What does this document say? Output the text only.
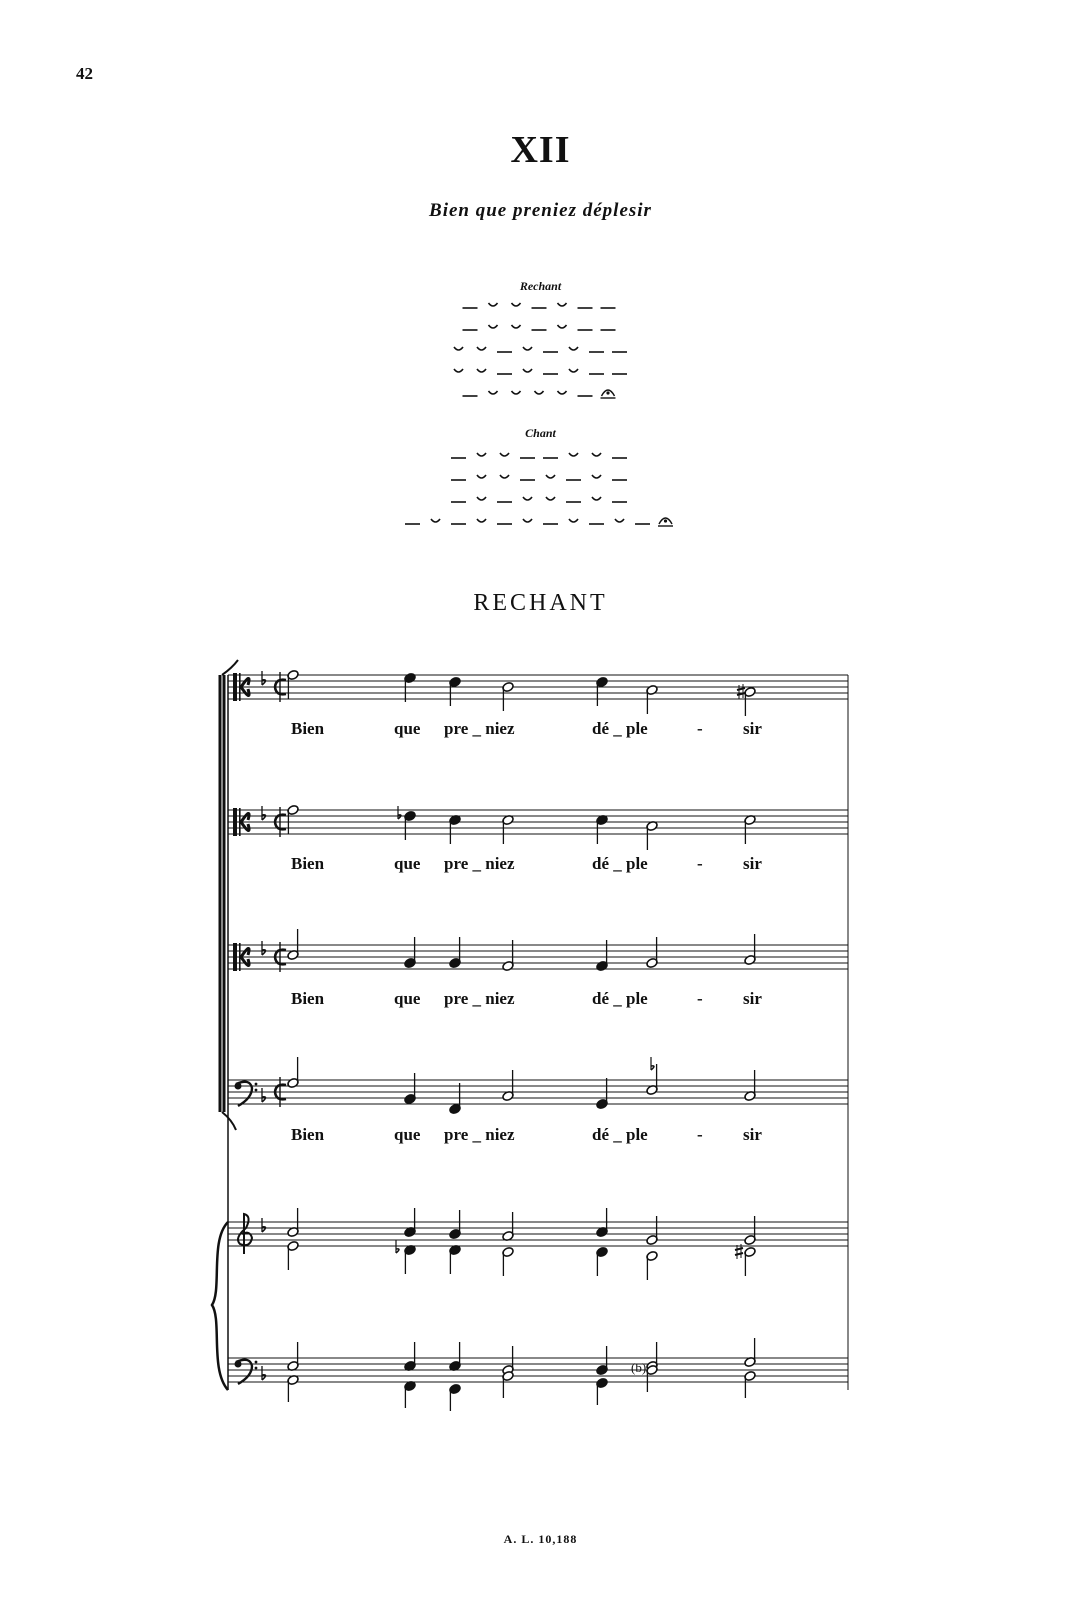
42
XII
Bien que preniez déplesir
Rechant
Chant
RECHANT
Bien	que pre _ niez	dé _ ple	- sir
Bien	que pre _ niez	dé _ ple	- sir
Bien	que pre _ niez	dé _ ple	- sir
Bien	que pre _ niez	dé _ ple	- sir
(b)
A. L. 10,188
